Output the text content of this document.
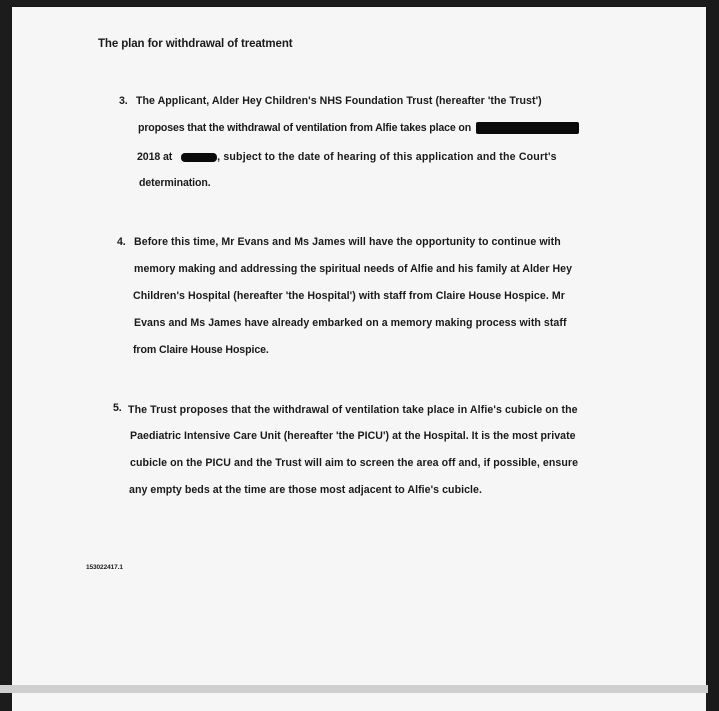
The plan for withdrawal of treatment
3. The Applicant, Alder Hey Children's NHS Foundation Trust (hereafter 'the Trust')
proposes that the withdrawal of ventilation from Alfie takes place on
2018 at	, subject to the date of hearing of this application and the Court's
determination.
4. Before this time, Mr Evans and Ms James will have the opportunity to continue with
memory making and addressing the spiritual needs of Alfie and his family at Alder Hey
Children's Hospital (hereafter 'the Hospital') with staff from Claire House Hospice. Mr
Evans and Ms James have already embarked on a memory making process with staff
from Claire House Hospice.
5. The Trust proposes that the withdrawal of ventilation take place in Alfie's cubicle on the
Paediatric Intensive Care Unit (hereafter 'the PICU') at the Hospital. It is the most private
cubicle on the PICU and the Trust will aim to screen the area off and, if possible, ensure
any empty beds at the time are those most adjacent to Alfie's cubicle.
153022417.1
